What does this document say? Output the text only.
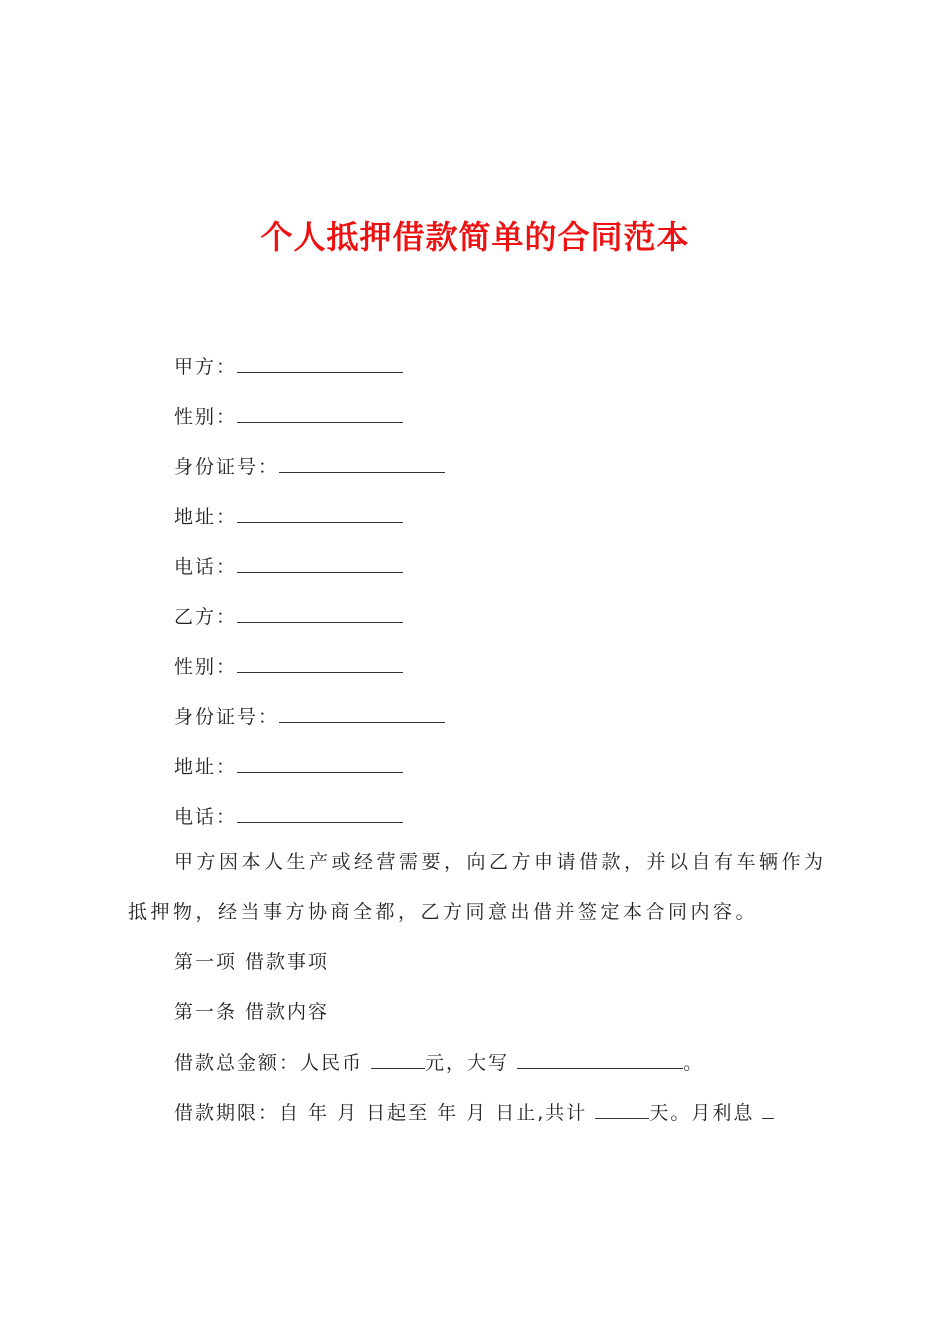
个人抵押借款简单的合同范本
甲方：
性别：
身份证号：
地址：
电话：
乙方：
性别：
身份证号：
地址：
电话：
甲方因本人生产或经营需要，向乙方申请借款，并以自有车辆作为抵押物，经当事方协商全都，乙方同意出借并签定本合同内容。
第一项 借款事项
第一条 借款内容
借款总金额：人民币	元，大写	。
借款期限：自 年 月 日起至 年 月 日止,共计	天。月利息
